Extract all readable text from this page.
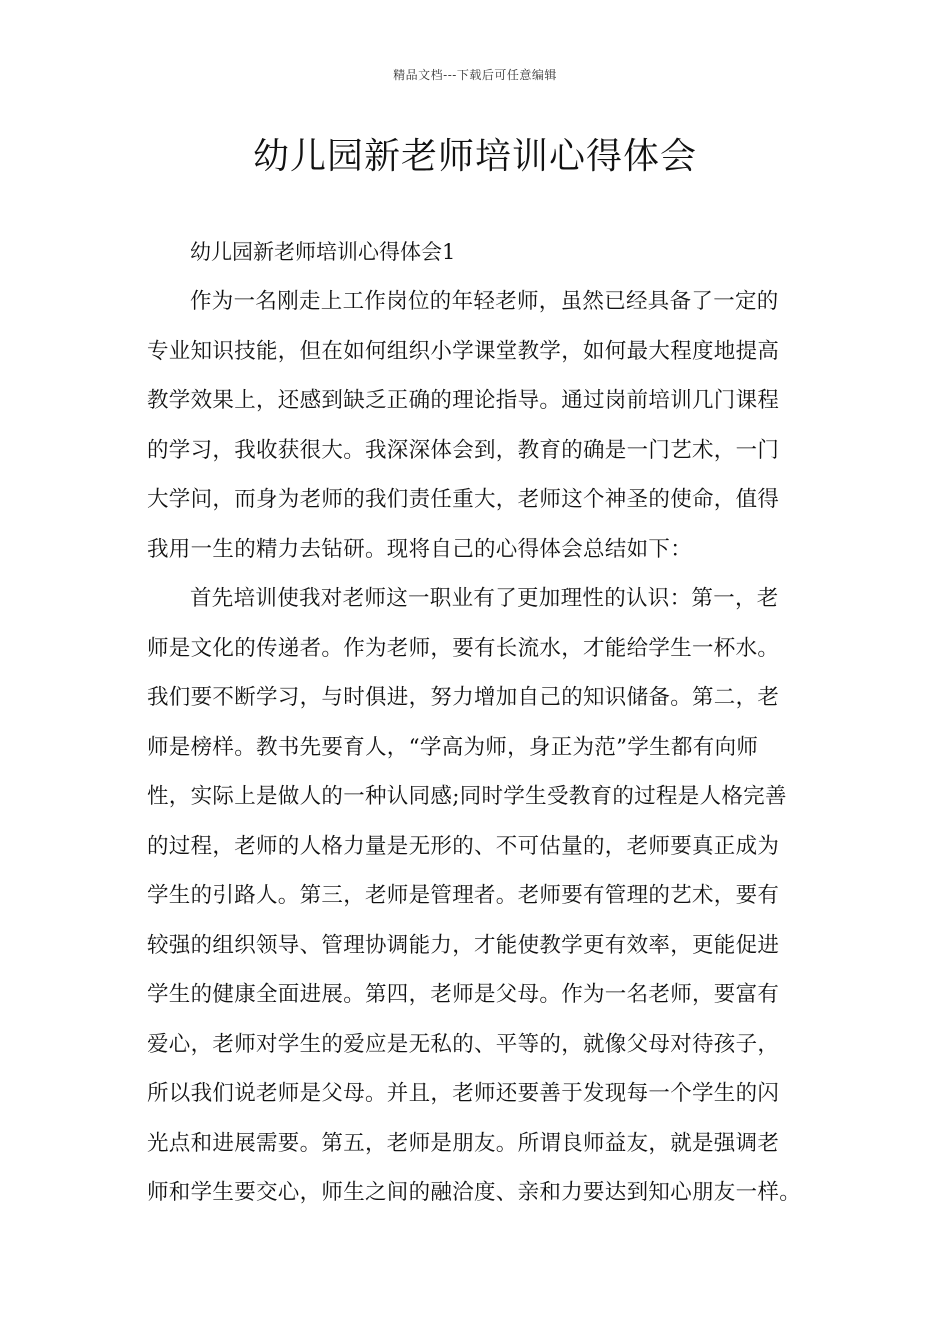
精品文档---下载后可任意编辑
幼儿园新老师培训心得体会

幼儿园新老师培训心得体会1

作为一名刚走上工作岗位的年轻老师，虽然已经具备了一定的
专业知识技能，但在如何组织小学课堂教学，如何最大程度地提高
教学效果上，还感到缺乏正确的理论指导。通过岗前培训几门课程
的学习，我收获很大。我深深体会到，教育的确是一门艺术，一门
大学问，而身为老师的我们责任重大，老师这个神圣的使命，值得
我用一生的精力去钻研。现将自己的心得体会总结如下：
首先培训使我对老师这一职业有了更加理性的认识：第一，老
师是文化的传递者。作为老师，要有长流水，才能给学生一杯水。
我们要不断学习，与时俱进，努力增加自己的知识储备。第二，老
师是榜样。教书先要育人，“学高为师，身正为范”学生都有向师
性，实际上是做人的一种认同感;同时学生受教育的过程是人格完善
的过程，老师的人格力量是无形的、不可估量的，老师要真正成为
学生的引路人。第三，老师是管理者。老师要有管理的艺术，要有
较强的组织领导、管理协调能力，才能使教学更有效率，更能促进
学生的健康全面进展。第四，老师是父母。作为一名老师，要富有
爱心，老师对学生的爱应是无私的、平等的，就像父母对待孩子，
所以我们说老师是父母。并且，老师还要善于发现每一个学生的闪
光点和进展需要。第五，老师是朋友。所谓良师益友，就是强调老
师和学生要交心，师生之间的融洽度、亲和力要达到知心朋友一样。
